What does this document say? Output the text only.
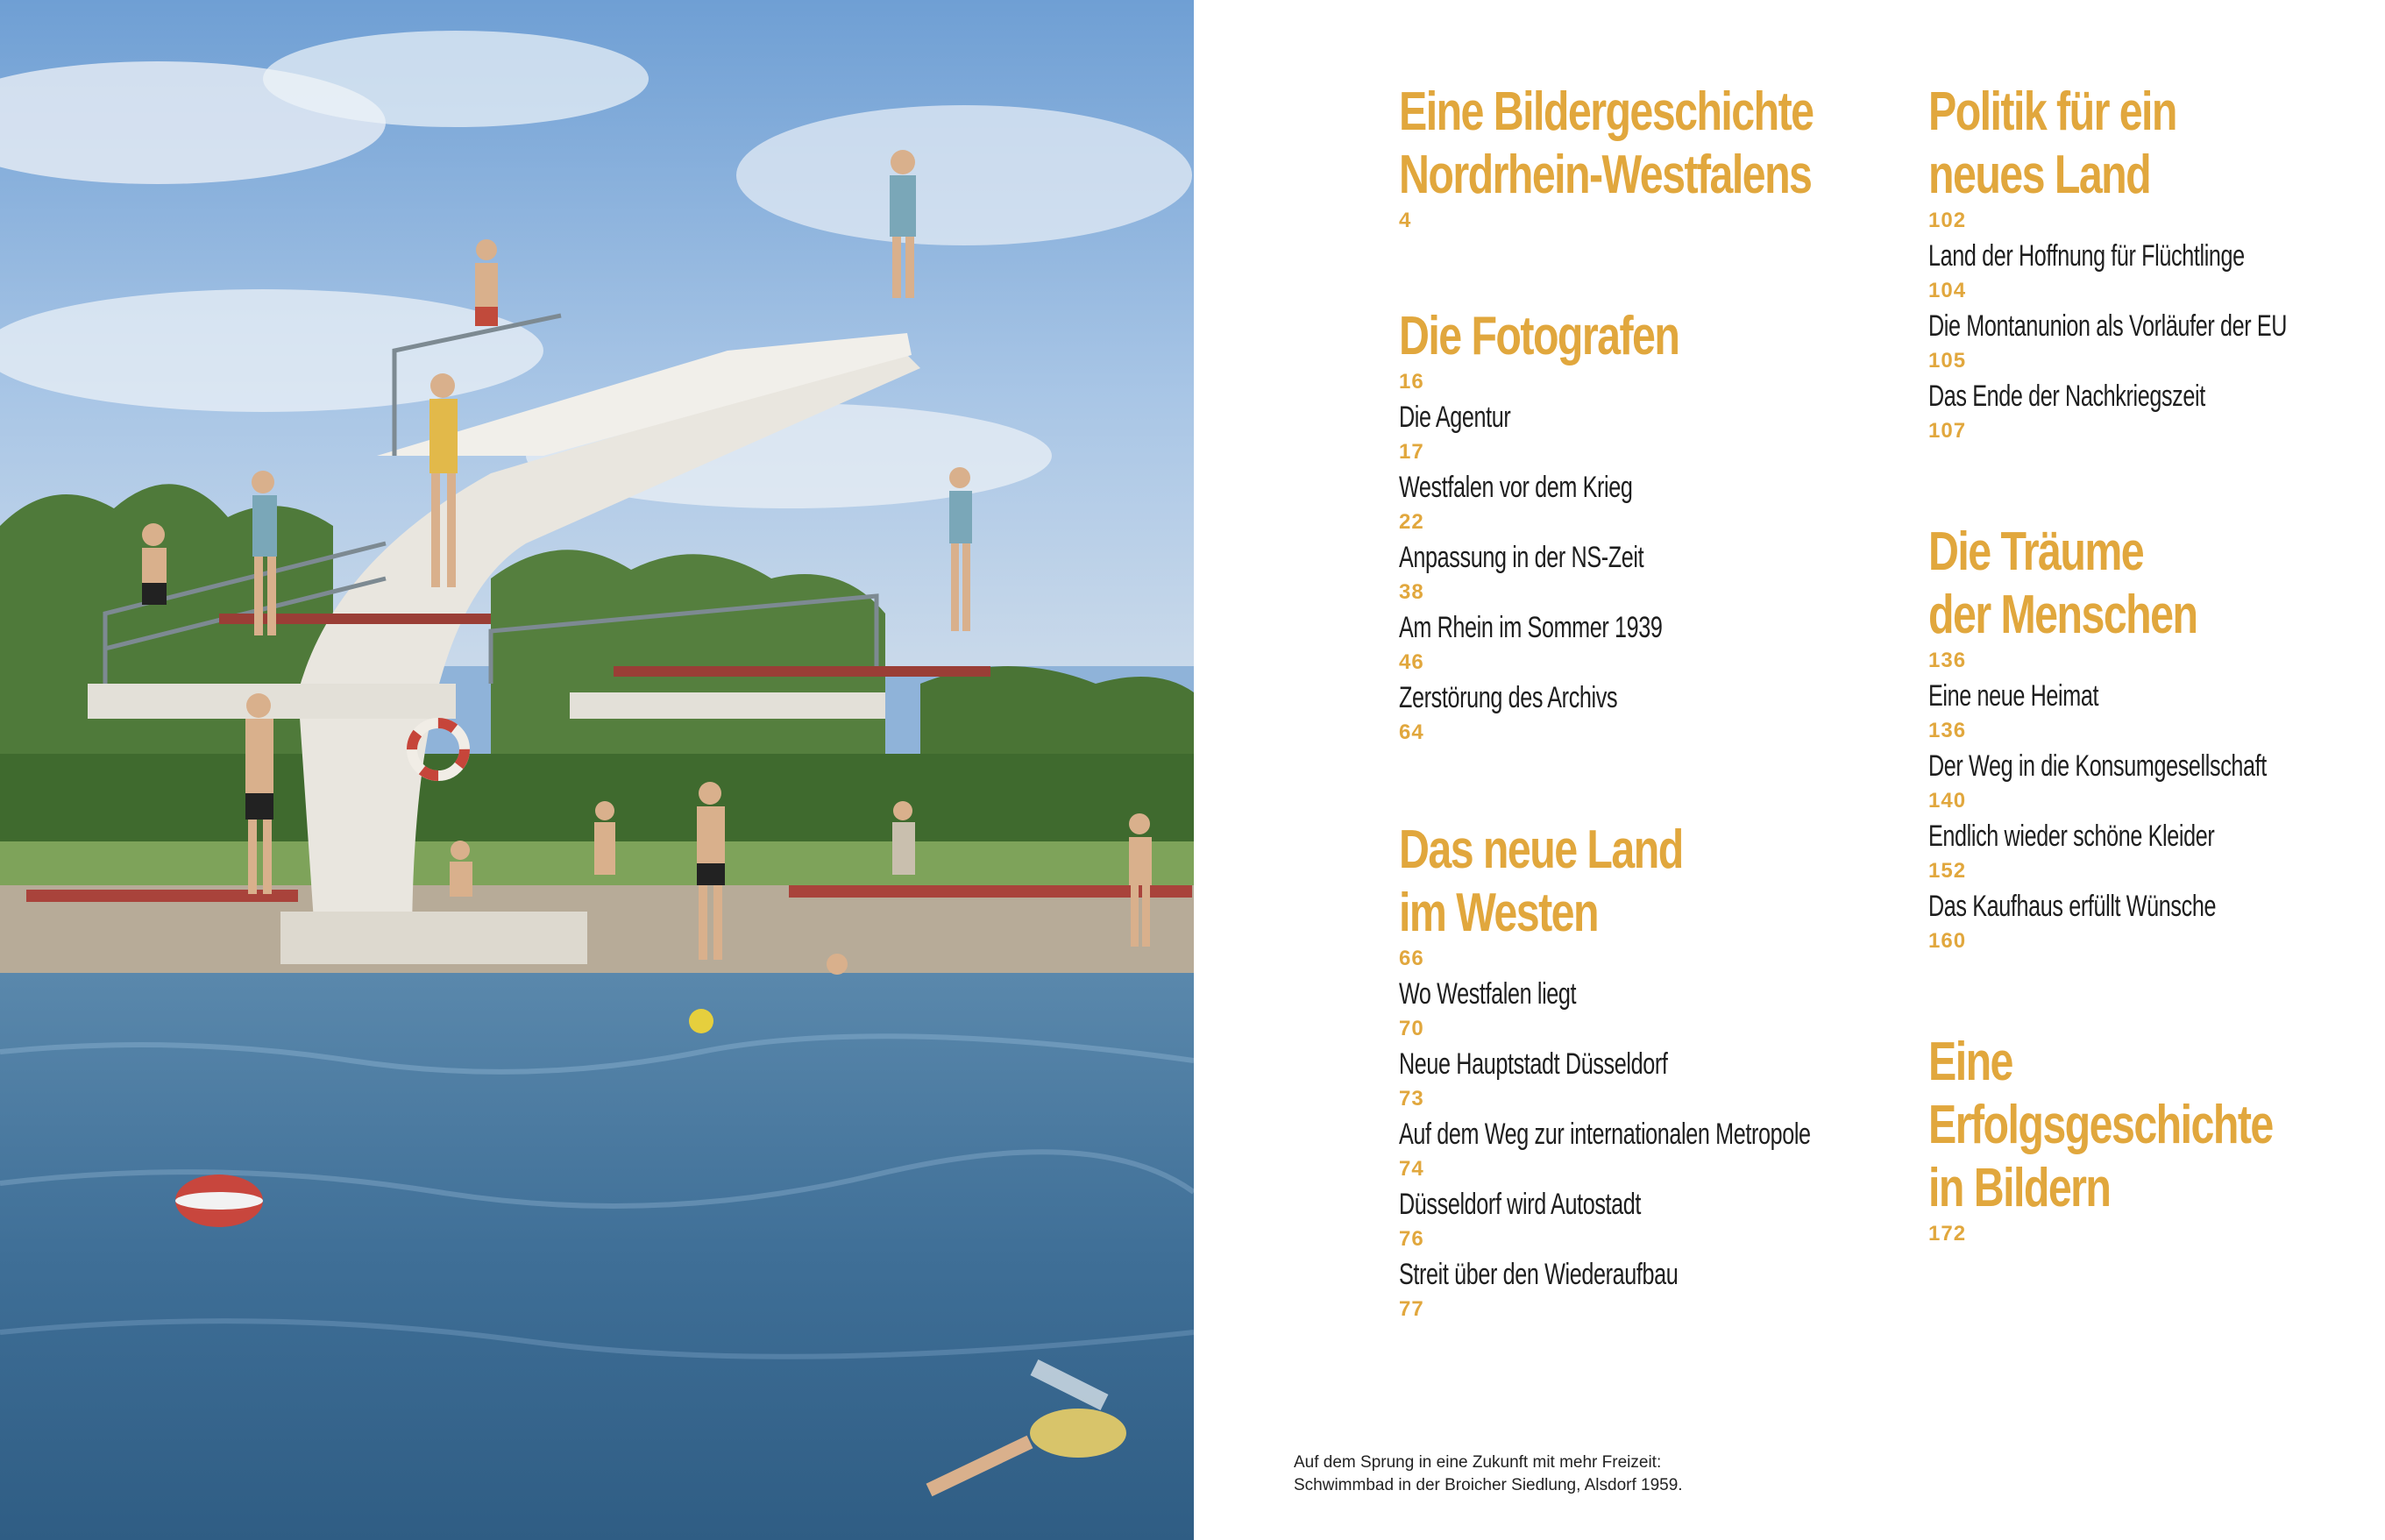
Eine Bildergeschichte
Nordrhein-Westfalens
4
Die Fotografen
16
Die Agentur
17
Westfalen vor dem Krieg
22
Anpassung in der NS-Zeit
38
Am Rhein im Sommer 1939
46
Zerstörung des Archivs
64
Das neue Land
im Westen
66
Wo Westfalen liegt
70
Neue Hauptstadt Düsseldorf
73
Auf dem Weg zur internationalen Metropole
74
Düsseldorf wird Autostadt
76
Streit über den Wiederaufbau
77
Politik für ein
neues Land
102
Land der Hoffnung für Flüchtlinge
104
Die Montanunion als Vorläufer der EU
105
Das Ende der Nachkriegszeit
107
Die Träume
der Menschen
136
Eine neue Heimat
136
Der Weg in die Konsumgesellschaft
140
Endlich wieder schöne Kleider
152
Das Kaufhaus erfüllt Wünsche
160
Eine
Erfolgsgeschichte
in Bildern
172
Auf dem Sprung in eine Zukunft mit mehr Freizeit:
Schwimmbad in der Broicher Siedlung, Alsdorf 1959.
